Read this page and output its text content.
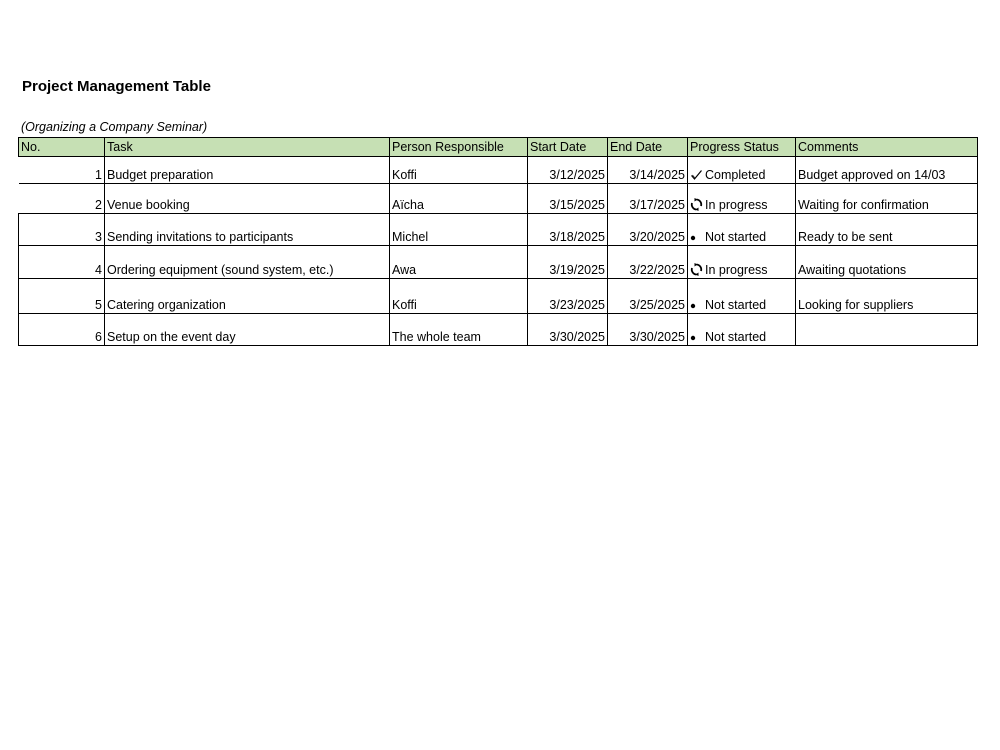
Project Management Table
(Organizing a Company Seminar)
No.	Task	Person Responsible	Start Date	End Date	Progress Status	Comments
1	Budget preparation	Koffi	3/12/2025	3/14/2025	Completed	Budget approved on 14/03
2	Venue booking	Aïcha	3/15/2025	3/17/2025	In progress	Waiting for confirmation
3	Sending invitations to participants	Michel	3/18/2025	3/20/2025	Not started	Ready to be sent
4	Ordering equipment (sound system, etc.)	Awa	3/19/2025	3/22/2025	In progress	Awaiting quotations
5	Catering organization	Koffi	3/23/2025	3/25/2025	Not started	Looking for suppliers
6	Setup on the event day	The whole team	3/30/2025	3/30/2025	Not started	
